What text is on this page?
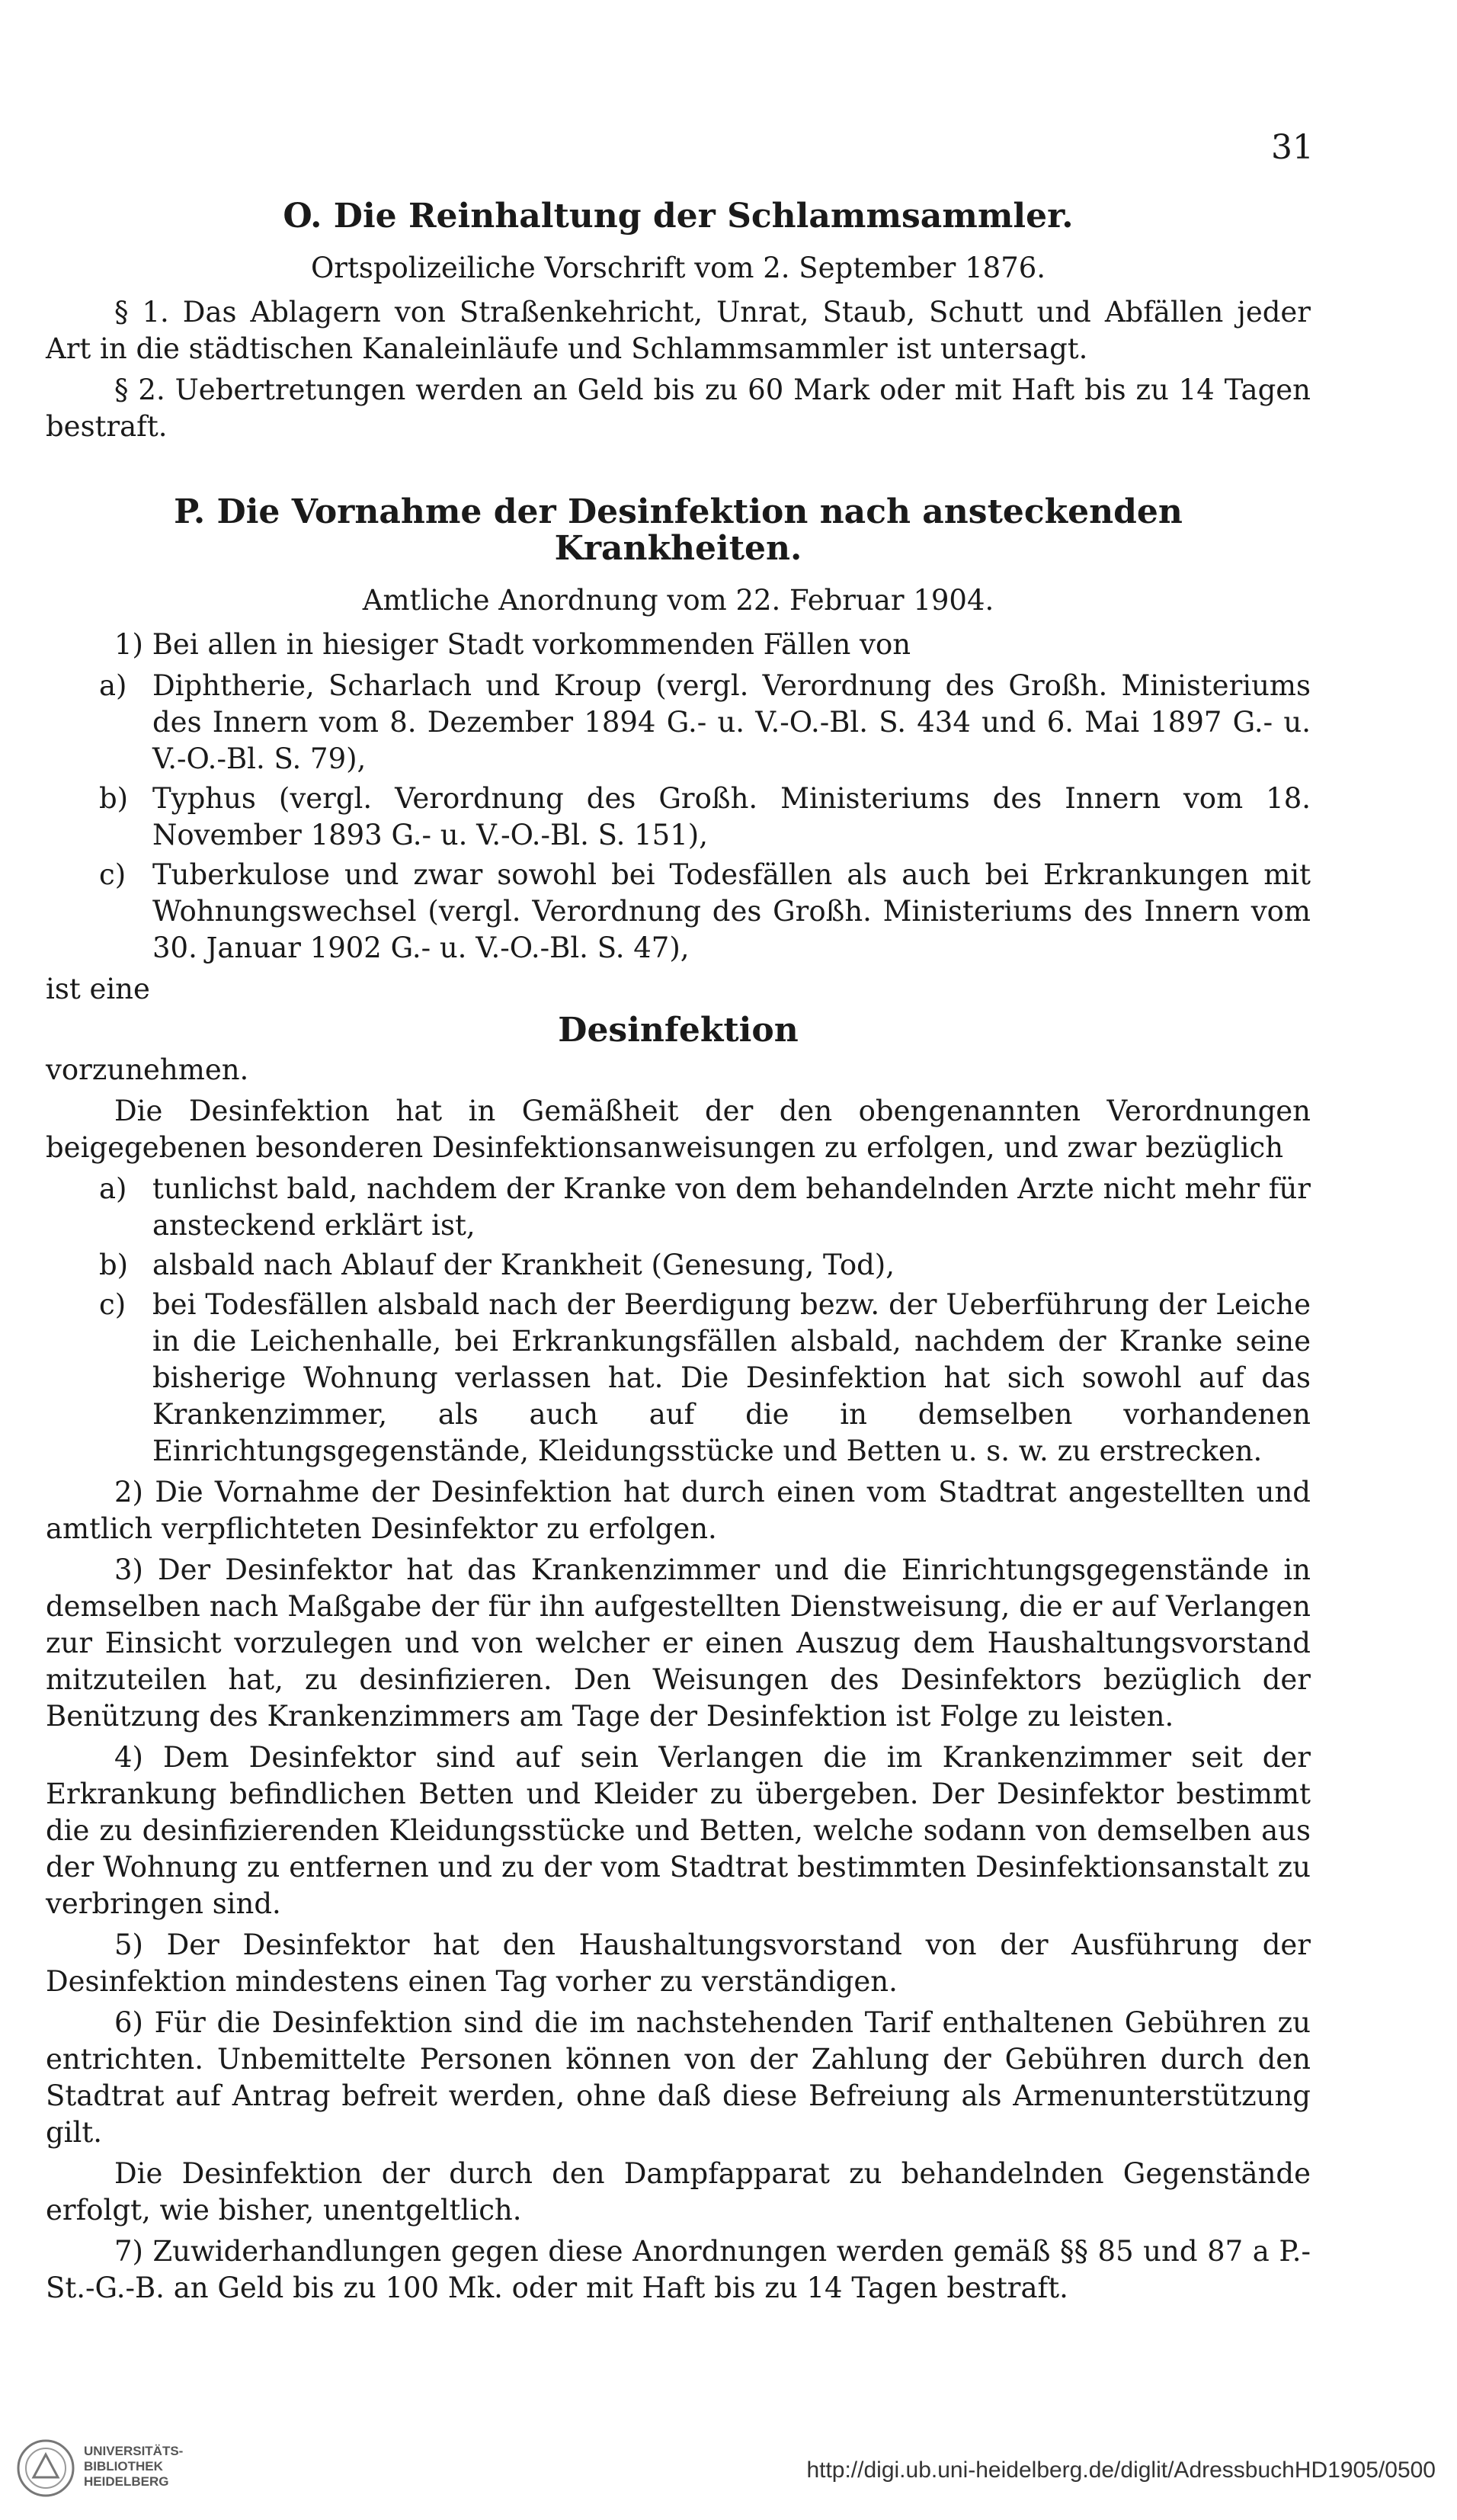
31
O. Die Reinhaltung der Schlammsammler.
Ortspolizeiliche Vorschrift vom 2. September 1876.

§ 1. Das Ablagern von Straßenkehricht, Unrat, Staub, Schutt und Abfällen jeder Art in die städtischen Kanaleinläufe und Schlammsammler ist untersagt.

§ 2. Uebertretungen werden an Geld bis zu 60 Mark oder mit Haft bis zu 14 Tagen bestraft.

P. Die Vornahme der Desinfektion nach ansteckenden Krankheiten.
Amtliche Anordnung vom 22. Februar 1904.

1) Bei allen in hiesiger Stadt vorkommenden Fällen von

a) Diphtherie, Scharlach und Kroup (vergl. Verordnung des Großh. Ministeriums des Innern vom 8. Dezember 1894 G.- u. V.-O.-Bl. S. 434 und 6. Mai 1897 G.- u. V.-O.-Bl. S. 79),
b) Typhus (vergl. Verordnung des Großh. Ministeriums des Innern vom 18. November 1893 G.- u. V.-O.-Bl. S. 151),
c) Tuberkulose und zwar sowohl bei Todesfällen als auch bei Erkrankungen mit Wohnungswechsel (vergl. Verordnung des Großh. Ministeriums des Innern vom 30. Januar 1902 G.- u. V.-O.-Bl. S. 47),
ist eine
Desinfektion
vorzunehmen.

Die Desinfektion hat in Gemäßheit der den obengenannten Verordnungen beigegebenen besonderen Desinfektionsanweisungen zu erfolgen, und zwar bezüglich

a) tunlichst bald, nachdem der Kranke von dem behandelnden Arzte nicht mehr für ansteckend erklärt ist,
b) alsbald nach Ablauf der Krankheit (Genesung, Tod),
c) bei Todesfällen alsbald nach der Beerdigung bezw. der Ueberführung der Leiche in die Leichenhalle, bei Erkrankungsfällen alsbald, nachdem der Kranke seine bisherige Wohnung verlassen hat. Die Desinfektion hat sich sowohl auf das Krankenzimmer, als auch auf die in demselben vorhandenen Einrichtungsgegenstände, Kleidungsstücke und Betten u. s. w. zu erstrecken.

2) Die Vornahme der Desinfektion hat durch einen vom Stadtrat angestellten und amtlich verpflichteten Desinfektor zu erfolgen.

3) Der Desinfektor hat das Krankenzimmer und die Einrichtungsgegenstände in demselben nach Maßgabe der für ihn aufgestellten Dienstweisung, die er auf Verlangen zur Einsicht vorzulegen und von welcher er einen Auszug dem Haushaltungsvorstand mitzuteilen hat, zu desinfizieren. Den Weisungen des Desinfektors bezüglich der Benützung des Krankenzimmers am Tage der Desinfektion ist Folge zu leisten.

4) Dem Desinfektor sind auf sein Verlangen die im Krankenzimmer seit der Erkrankung befindlichen Betten und Kleider zu übergeben. Der Desinfektor bestimmt die zu desinfizierenden Kleidungsstücke und Betten, welche sodann von demselben aus der Wohnung zu entfernen und zu der vom Stadtrat bestimmten Desinfektionsanstalt zu verbringen sind.

5) Der Desinfektor hat den Haushaltungsvorstand von der Ausführung der Desinfektion mindestens einen Tag vorher zu verständigen.

6) Für die Desinfektion sind die im nachstehenden Tarif enthaltenen Gebühren zu entrichten. Unbemittelte Personen können von der Zahlung der Gebühren durch den Stadtrat auf Antrag befreit werden, ohne daß diese Befreiung als Armenunterstützung gilt.

Die Desinfektion der durch den Dampfapparat zu behandelnden Gegenstände erfolgt, wie bisher, unentgeltlich.

7) Zuwiderhandlungen gegen diese Anordnungen werden gemäß §§ 85 und 87 a P.-St.-G.-B. an Geld bis zu 100 Mk. oder mit Haft bis zu 14 Tagen bestraft.

UNIVERSITÄTS-
BIBLIOTHEK
HEIDELBERG	http://digi.ub.uni-heidelberg.de/diglit/AdressbuchHD1905/0500
